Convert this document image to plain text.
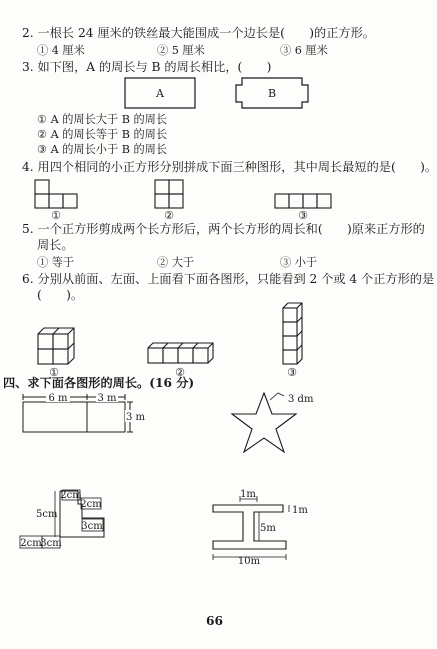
2. 一根长 24 厘米的铁丝最大能围成一个边长是(　　)的正方形。
① 4 厘米	② 5 厘米	③ 6 厘米
3. 如下图，A 的周长与 B 的周长相比，(　　)
A	B
① A 的周长大于 B 的周长
② A 的周长等于 B 的周长
③ A 的周长小于 B 的周长
4. 用四个相同的小正方形分别拼成下面三种图形，其中周长最短的是(　　)。
①	②	③
5. 一个正方形剪成两个长方形后，两个长方形的周长和(　　)原来正方形的
周长。
① 等于	② 大于	③ 小于
6. 分别从前面、左面、上面看下面各图形，只能看到 2 个或 4 个正方形的是
(　　)。
①	②	③
四、求下面各图形的周长。(16 分)
6 m	3 m
3 m
3 dm
2cm
2cm
5cm
3cm
2cm
3cm
1m
1m
5m
10m
66
